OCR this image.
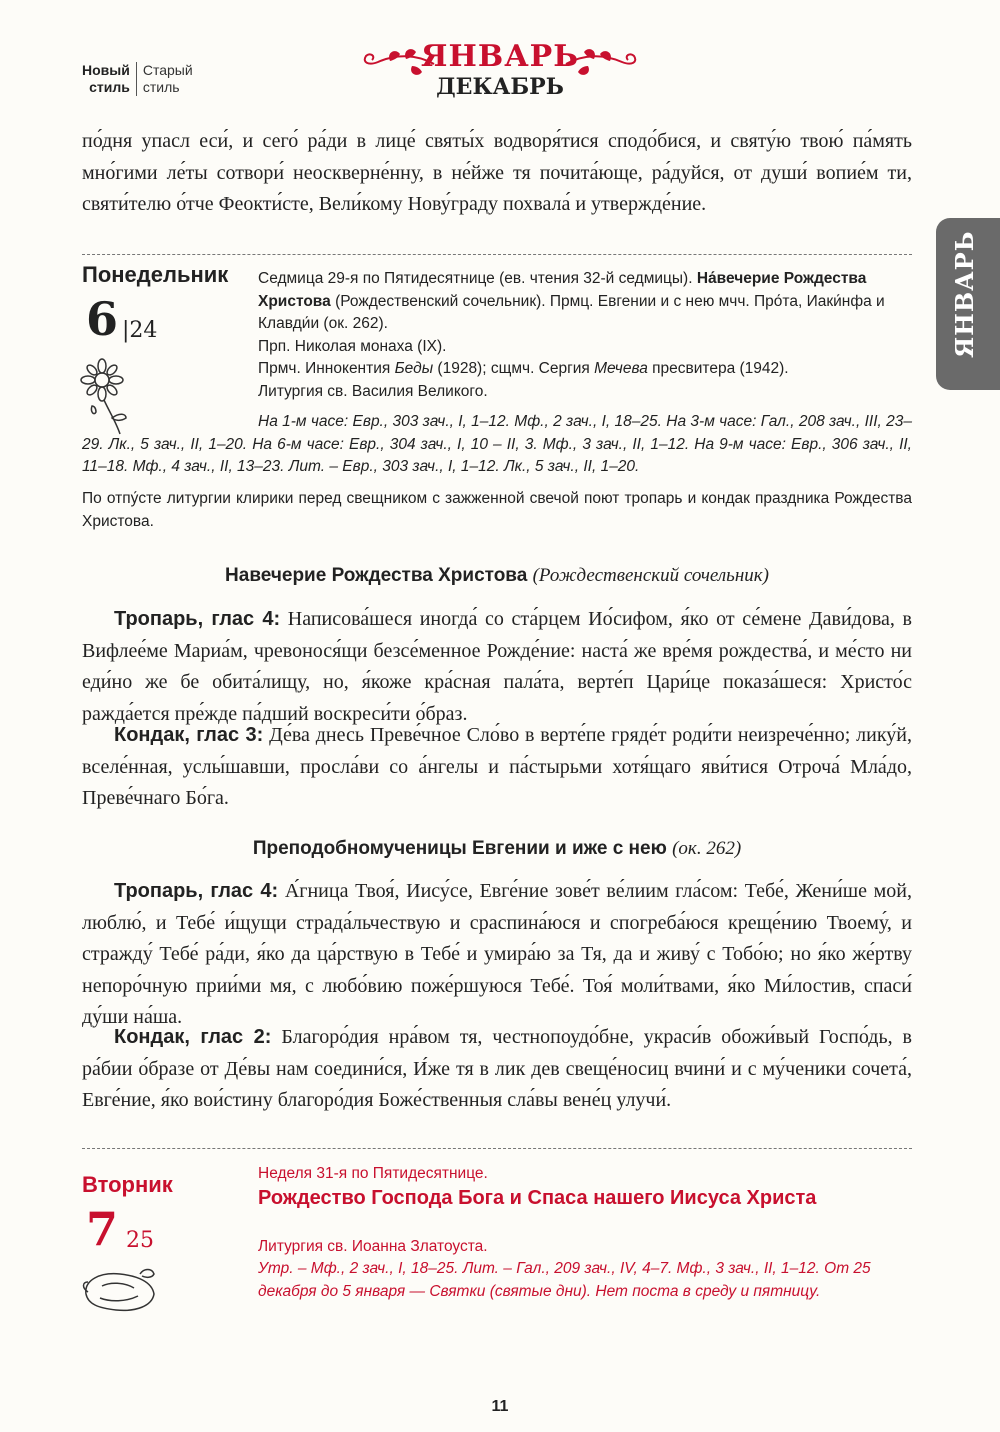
Новый
стиль
Старый
стиль
ЯНВАРЬ
ДЕКАБРЬ
ЯНВАРЬ
по́дня упасл еси́, и сего́ ра́ди в лице́ святы́х водворя́тися сподо́бися, и святу́ю твою́ па́мять мно́гими ле́ты сотвори́ неоскверне́нну, в не́йже тя почита́юще, ра́дуйся, от души́ вопие́м ти, святи́телю о́тче Феокти́сте, Вели́кому Нову́граду похвала́ и утвержде́ние.
Понедельник
6 |24
Седмица 29-я по Пятидесятнице (ев. чтения 32-й седмицы). На́вечерие Рождества Христова (Рождественский сочельник). Прмц. Евгении и с нею мчч. Про́та, Иаки́нфа и Клавди́и (ок. 262).
Прп. Николая монаха (IX).
Прмч. Иннокентия Беды (1928); сщмч. Сергия Мечева пресвитера (1942).
Литургия св. Василия Великого.
На 1-м часе: Евр., 303 зач., I, 1–12. Мф., 2 зач., I, 18–25. На 3-м часе: Гал., 208 зач., III, 23–29. Лк., 5 зач., II, 1–20. На 6-м часе: Евр., 304 зач., I, 10 – II, 3. Мф., 3 зач., II, 1–12. На 9-м часе: Евр., 306 зач., II, 11–18. Мф., 4 зач., II, 13–23. Лит. – Евр., 303 зач., I, 1–12. Лк., 5 зач., II, 1–20.
По отпу́сте литургии клирики перед свещником с зажженной свечой поют тропарь и кондак праздника Рождества Христова.
Навечерие Рождества Христова (Рождественский сочельник)
Тропарь, глас 4: Написова́шеся иногда́ со ста́рцем Ио́сифом, я́ко от се́мене Дави́дова, в Вифлее́ме Мариа́м, чревонося́щи безсе́менное Рожде́ние: наста́ же вре́мя рождества́, и ме́сто ни еди́но же бе обита́лищу, но, я́коже кра́сная пала́та, верте́п Цари́це показа́шеся: Христо́с ражда́ется пре́жде па́дший воскреси́ти о́браз.
Кондак, глас 3: Де́ва днесь Преве́чное Сло́во в верте́пе гряде́т роди́ти неизрече́нно; лику́й, вселе́нная, услы́шавши, просла́ви со а́нгелы и па́стырьми хотя́щаго яви́тися Отроча́ Мла́до, Преве́чнаго Бо́га.
Преподобномученицы Евгении и иже с нею (ок. 262)
Тропарь, глас 4: А́гница Твоя́, Иису́се, Евге́ние зове́т ве́лиим гла́сом: Тебе́, Жени́ше мой, люблю́, и Тебе́ и́щущи страда́льчествую и сраспина́юся и спогреба́юся креще́нию Твоему́, и стражду́ Тебе́ ра́ди, я́ко да ца́рствую в Тебе́ и умира́ю за Тя, да и живу́ с Тобо́ю; но я́ко же́ртву непоро́чную прии́ми мя, с любо́вию поже́ршуюся Тебе́. Тоя́ моли́твами, я́ко Ми́лостив, спаси́ ду́ши на́ша.
Кондак, глас 2: Благоро́дия нра́вом тя, честнопоудо́бне, украси́в обожи́вый Госпо́дь, в ра́бии о́бразе от Де́вы нам соедини́ся, И́же тя в лик дев свеще́носиц вчини́ и с му́ченики сочета́, Евге́ние, я́ко вои́стину благоро́дия Боже́ственныя сла́вы вене́ц улучи́.
Вторник
7 25
Неделя 31-я по Пятидесятнице.
Рождество Господа Бога и Спаса нашего Иисуса Христа
Литургия св. Иоанна Златоуста.
Утр. – Мф., 2 зач., I, 18–25. Лит. – Гал., 209 зач., IV, 4–7. Мф., 3 зач., II, 1–12. От 25 декабря до 5 января — Святки (святые дни). Нет поста в среду и пятницу.
11
